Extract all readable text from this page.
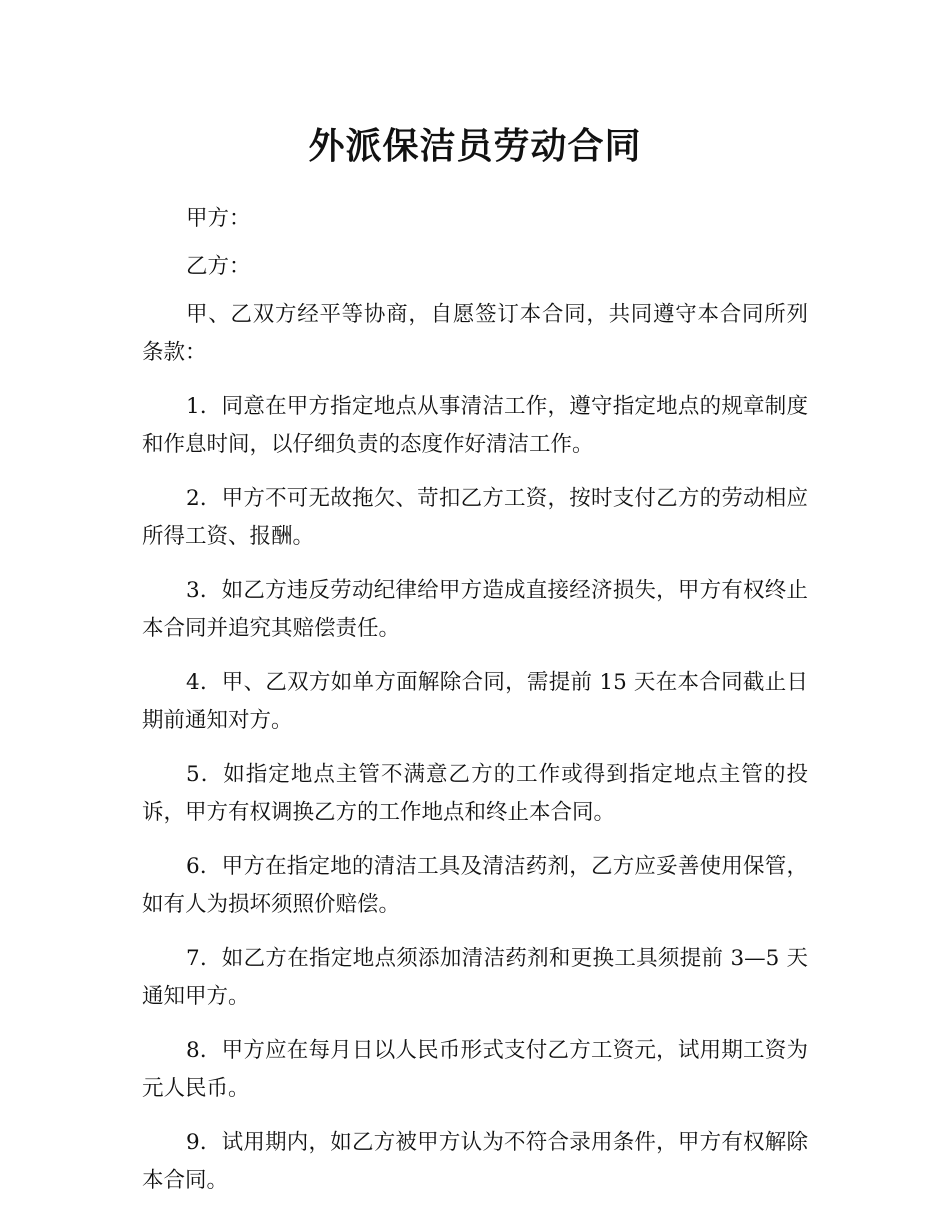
外派保洁员劳动合同

甲方：

乙方：

甲、乙双方经平等协商，自愿签订本合同，共同遵守本合同所列条款：

1．同意在甲方指定地点从事清洁工作，遵守指定地点的规章制度和作息时间，以仔细负责的态度作好清洁工作。

2．甲方不可无故拖欠、苛扣乙方工资，按时支付乙方的劳动相应所得工资、报酬。

3．如乙方违反劳动纪律给甲方造成直接经济损失，甲方有权终止本合同并追究其赔偿责任。

4．甲、乙双方如单方面解除合同，需提前 15 天在本合同截止日期前通知对方。

5．如指定地点主管不满意乙方的工作或得到指定地点主管的投诉，甲方有权调换乙方的工作地点和终止本合同。

6．甲方在指定地的清洁工具及清洁药剂，乙方应妥善使用保管，如有人为损坏须照价赔偿。

7．如乙方在指定地点须添加清洁药剂和更换工具须提前 3—5 天通知甲方。

8．甲方应在每月日以人民币形式支付乙方工资元，试用期工资为元人民币。

9．试用期内，如乙方被甲方认为不符合录用条件，甲方有权解除本合同。
